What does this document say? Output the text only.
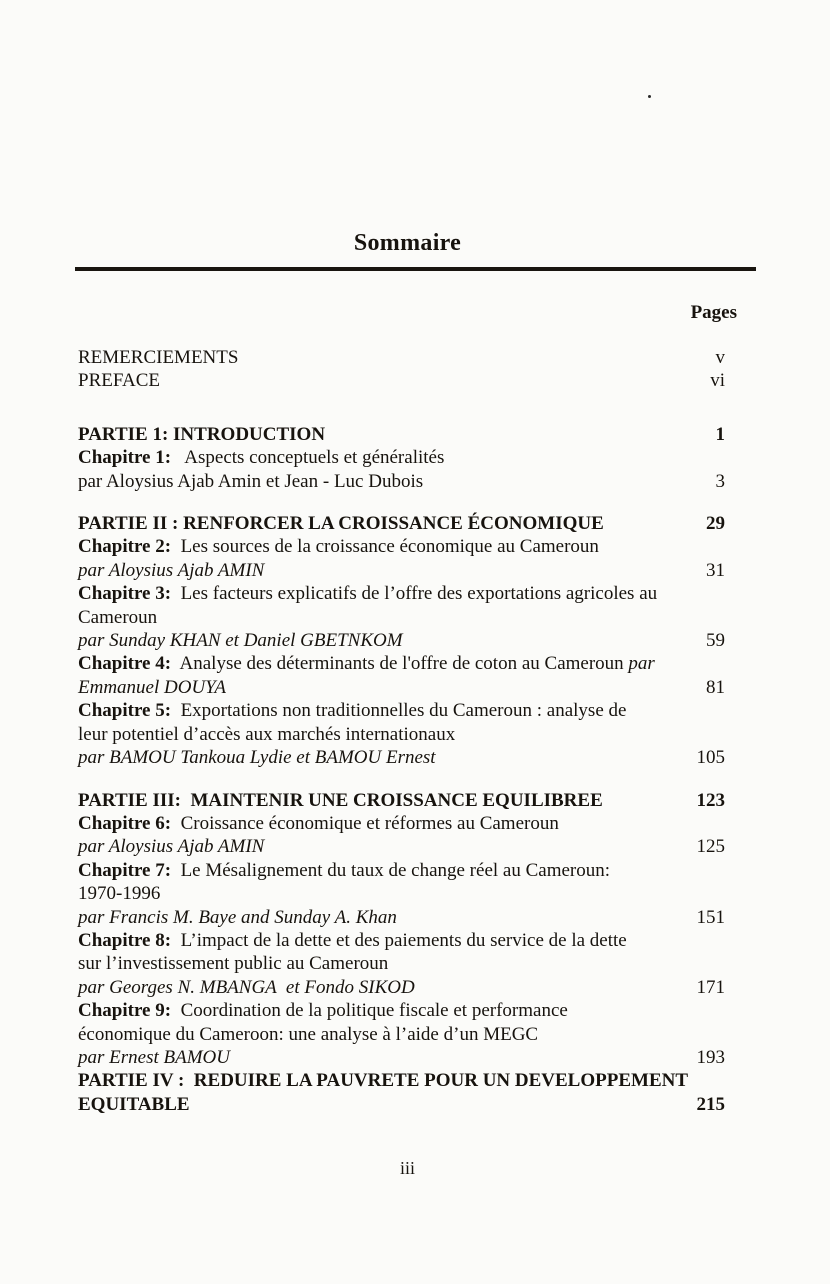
Sommaire
Pages
REMERCIEMENTS	v
PREFACE	vi
PARTIE 1: INTRODUCTION	1
Chapitre 1:   Aspects conceptuels et généralités
par Aloysius Ajab Amin et Jean - Luc Dubois	3
PARTIE II : RENFORCER LA CROISSANCE ÉCONOMIQUE	29
Chapitre 2:  Les sources de la croissance économique au Cameroun
par Aloysius Ajab AMIN	31
Chapitre 3:  Les facteurs explicatifs de l’offre des exportations agricoles au
Cameroun
par Sunday KHAN et Daniel GBETNKOM	59
Chapitre 4:  Analyse des déterminants de l'offre de coton au Cameroun par
Emmanuel DOUYA	81
Chapitre 5:  Exportations non traditionnelles du Cameroun : analyse de
leur potentiel d’accès aux marchés internationaux
par BAMOU Tankoua Lydie et BAMOU Ernest	105
PARTIE III:  MAINTENIR UNE CROISSANCE EQUILIBREE	123
Chapitre 6:  Croissance économique et réformes au Cameroun
par Aloysius Ajab AMIN	125
Chapitre 7:  Le Mésalignement du taux de change réel au Cameroun:
1970-1996
par Francis M. Baye and Sunday A. Khan	151
Chapitre 8:  L’impact de la dette et des paiements du service de la dette
sur l’investissement public au Cameroun
par Georges N. MBANGA  et Fondo SIKOD	171
Chapitre 9:  Coordination de la politique fiscale et performance
économique du Cameroon: une analyse à l’aide d’un MEGC
par Ernest BAMOU	193
PARTIE IV :  REDUIRE LA PAUVRETE POUR UN DEVELOPPEMENT
EQUITABLE	215
iii
